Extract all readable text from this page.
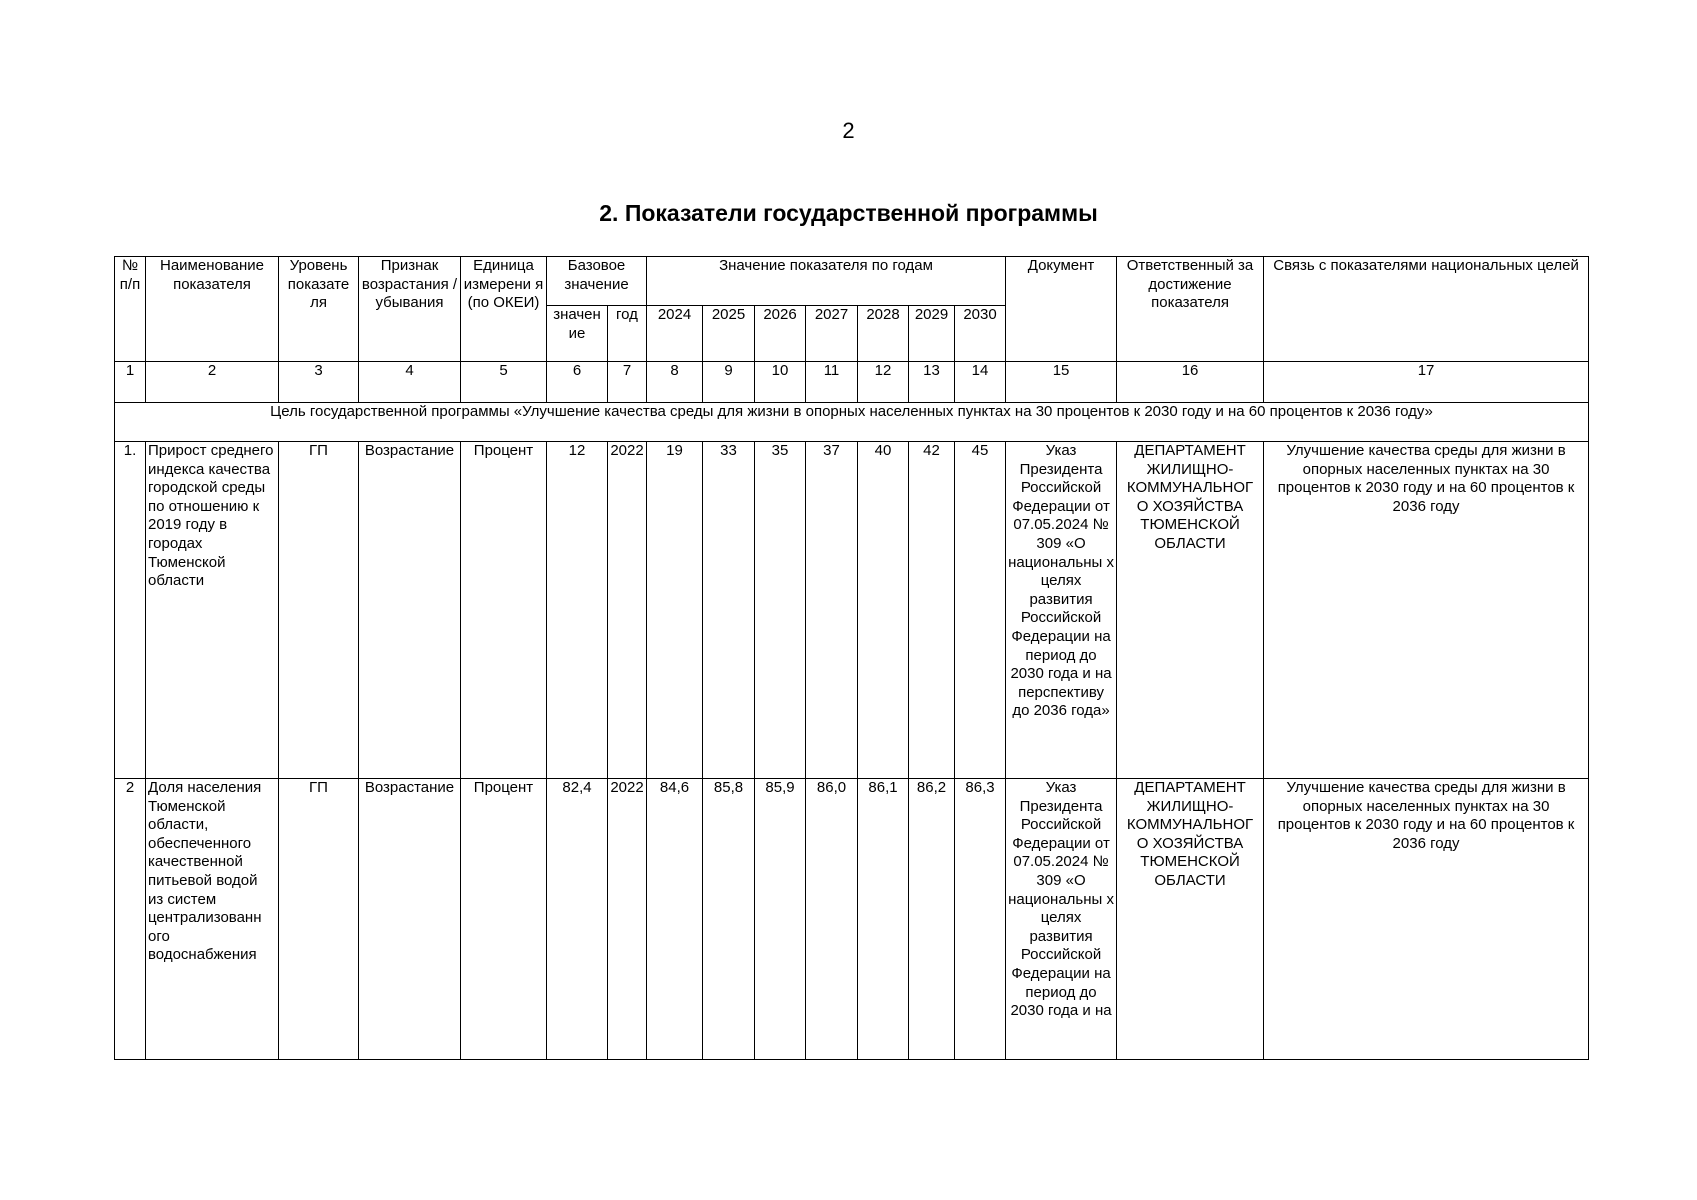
2
2. Показатели государственной программы
№ п/п	Наименование показателя	Уровень показате ля	Признак возрастания / убывания	Единица измерени я (по ОКЕИ)	Базовое значение		Значение показателя по годам							Документ	Ответственный за достижение показателя	Связь с показателями национальных целей
					значен ие	год	2024	2025	2026	2027	2028	2029	2030			
1	2	3	4	5	6	7	8	9	10	11	12	13	14	15	16	17
Цель государственной программы «Улучшение качества среды для жизни в опорных населенных пунктах на 30 процентов к 2030 году и на 60 процентов к 2036 году»																
1.	Прирост среднего индекса качества городской среды по отношению к 2019 году в городах Тюменской области	ГП	Возрастание	Процент	12	2022	19	33	35	37	40	42	45	Указ Президента Российской Федерации от 07.05.2024 № 309 «О национальны х целях развития Российской Федерации на период до 2030 года и на перспективу до 2036 года»	ДЕПАРТАМЕНТ ЖИЛИЩНО-КОММУНАЛЬНОГ О ХОЗЯЙСТВА ТЮМЕНСКОЙ ОБЛАСТИ	Улучшение качества среды для жизни в опорных населенных пунктах на 30 процентов к 2030 году и на 60 процентов к 2036 году
2	Доля населения Тюменской области, обеспеченного качественной питьевой водой из систем централизованн ого водоснабжения	ГП	Возрастание	Процент	82,4	2022	84,6	85,8	85,9	86,0	86,1	86,2	86,3	Указ Президента Российской Федерации от 07.05.2024 № 309 «О национальны х целях развития Российской Федерации на период до 2030 года и на	ДЕПАРТАМЕНТ ЖИЛИЩНО-КОММУНАЛЬНОГ О ХОЗЯЙСТВА ТЮМЕНСКОЙ ОБЛАСТИ	Улучшение качества среды для жизни в опорных населенных пунктах на 30 процентов к 2030 году и на 60 процентов к 2036 году
